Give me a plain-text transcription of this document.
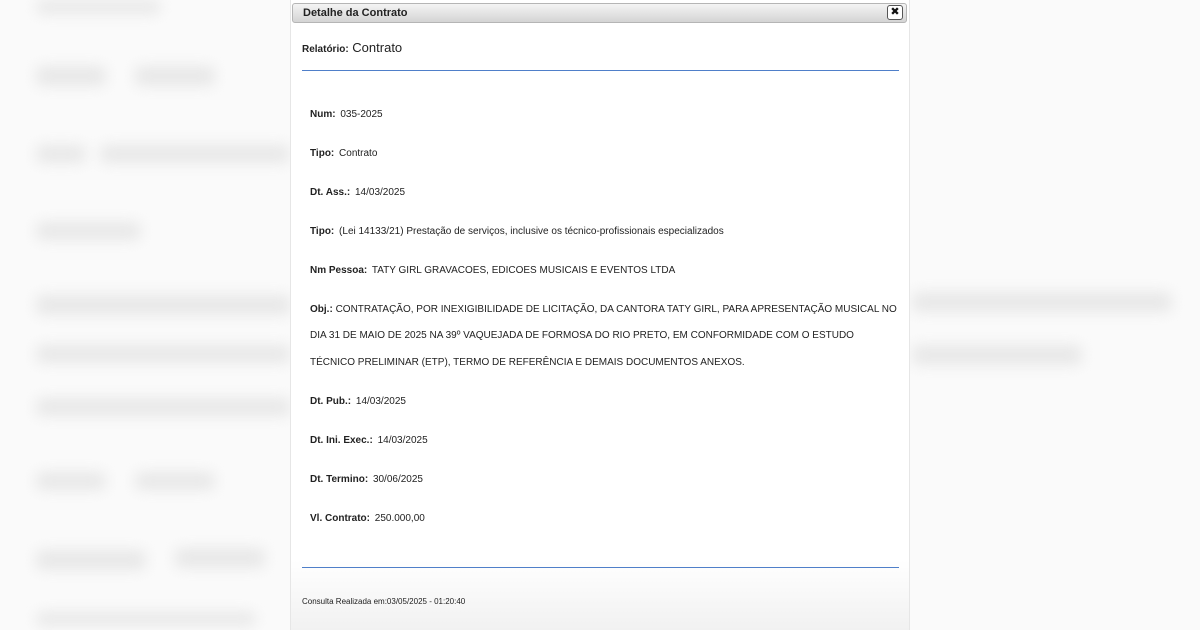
Detalhe da Contrato	✖
Relatório: Contrato
Num: 035-2025
Tipo: Contrato
Dt. Ass.: 14/03/2025
Tipo: (Lei 14133/21) Prestação de serviços, inclusive os técnico-profissionais especializados
Nm Pessoa: TATY GIRL GRAVACOES, EDICOES MUSICAIS E EVENTOS LTDA
Obj.: CONTRATAÇÃO, POR INEXIGIBILIDADE DE LICITAÇÃO, DA CANTORA TATY GIRL, PARA APRESENTAÇÃO MUSICAL NO
DIA 31 DE MAIO DE 2025 NA 39º VAQUEJADA DE FORMOSA DO RIO PRETO, EM CONFORMIDADE COM O ESTUDO
TÉCNICO PRELIMINAR (ETP), TERMO DE REFERÊNCIA E DEMAIS DOCUMENTOS ANEXOS.
Dt. Pub.: 14/03/2025
Dt. Ini. Exec.: 14/03/2025
Dt. Termino: 30/06/2025
Vl. Contrato: 250.000,00
Consulta Realizada em:03/05/2025 - 01:20:40
